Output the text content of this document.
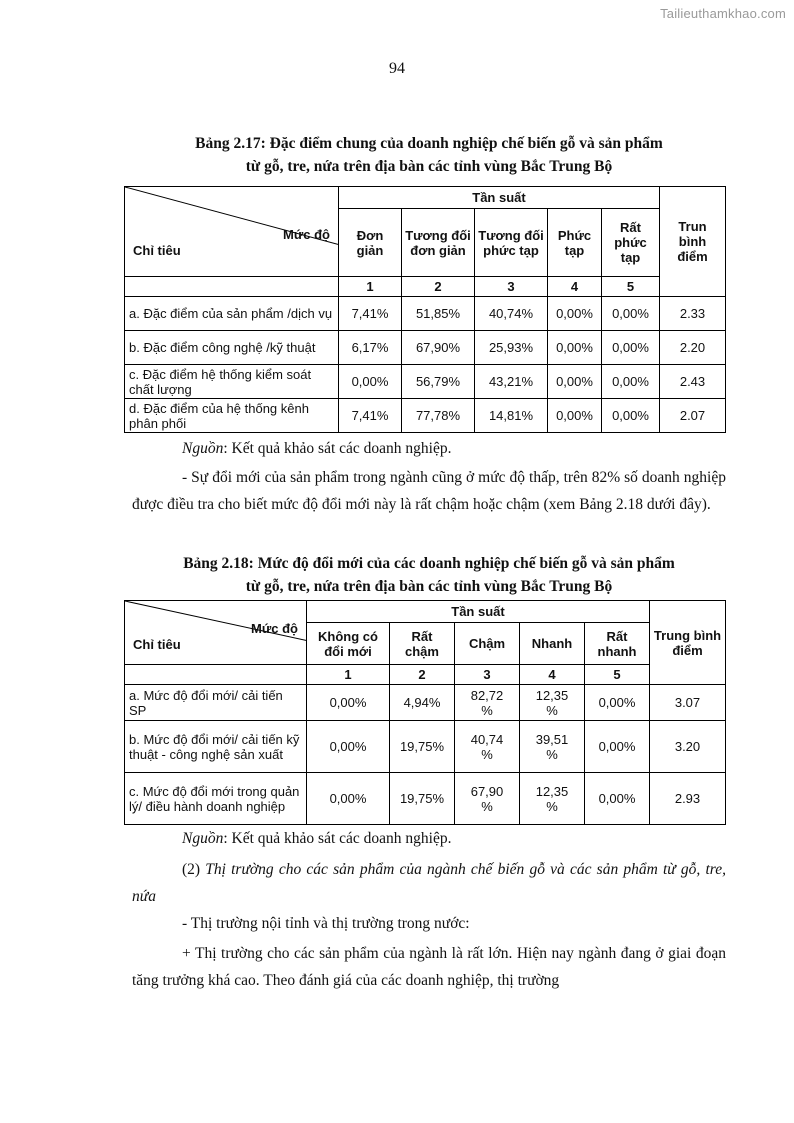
Tailieuthamkhao.com
94
Bảng 2.17: Đặc điểm chung của doanh nghiệp chế biến gỗ và sản phẩm
từ gỗ, tre, nứa trên địa bàn các tỉnh vùng Bắc Trung Bộ
Mức độ
Chỉ tiêu	Tần suất					Trun bình điểm
	Đơn giản	Tương đối đơn giản	Tương đối phức tạp	Phức tạp	Rất phức tạp	
	1	2	3	4	5	
a. Đặc điểm của sản phẩm /dịch vụ	7,41%	51,85%	40,74%	0,00%	0,00%	2.33
b. Đặc điểm công nghệ /kỹ thuật	6,17%	67,90%	25,93%	0,00%	0,00%	2.20
c. Đặc điểm hệ thống kiểm soát chất lượng	0,00%	56,79%	43,21%	0,00%	0,00%	2.43
d. Đặc điểm của hệ thống kênh phân phối	7,41%	77,78%	14,81%	0,00%	0,00%	2.07
Nguồn: Kết quả khảo sát các doanh nghiệp.
- Sự đổi mới của sản phẩm trong ngành cũng ở mức độ thấp, trên 82% số doanh nghiệp được điều tra cho biết mức độ đổi mới này là rất chậm hoặc chậm (xem Bảng 2.18 dưới đây).
Bảng 2.18: Mức độ đổi mới của các doanh nghiệp chế biến gỗ và sản phẩm
từ gỗ, tre, nứa trên địa bàn các tỉnh vùng Bắc Trung Bộ
Mức độ
Chỉ tiêu	Tần suất					Trung bình điểm
	Không có đổi mới	Rất chậm	Chậm	Nhanh	Rất nhanh	
	1	2	3	4	5	
a. Mức độ đổi mới/ cải tiến SP	0,00%	4,94%	82,72 %	12,35 %	0,00%	3.07
b. Mức độ đổi mới/ cải tiến kỹ thuật - công nghệ sản xuất	0,00%	19,75%	40,74 %	39,51 %	0,00%	3.20
c. Mức độ đổi mới trong quản lý/ điều hành doanh nghiệp	0,00%	19,75%	67,90 %	12,35 %	0,00%	2.93
Nguồn: Kết quả khảo sát các doanh nghiệp.
(2) Thị trường cho các sản phẩm của ngành chế biến gỗ và các sản phẩm từ gỗ, tre, nứa
- Thị trường nội tỉnh và thị trường trong nước:
+ Thị trường cho các sản phẩm của ngành là rất lớn. Hiện nay ngành đang ở giai đoạn tăng trưởng khá cao. Theo đánh giá của các doanh nghiệp, thị trường
